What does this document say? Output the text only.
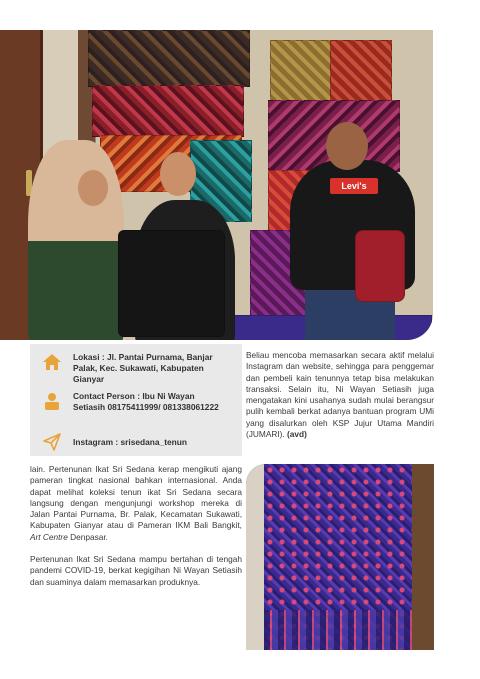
Levi's
Lokasi : Jl. Pantai Purnama, Banjar Palak, Kec. Sukawati, Kabupaten Gianyar
Contact Person : Ibu Ni Wayan Setiasih 08175411999/ 081338061222
Instagram : srisedana_tenun

Beliau mencoba memasarkan secara aktif melalui Instagram dan website, sehingga para penggemar dan pembeli kain tenunnya tetap bisa melakukan transaksi. Selain itu, Ni Wayan Setiasih juga mengatakan kini usahanya sudah mulai berangsur pulih kembali berkat adanya bantuan program UMi yang disalurkan oleh KSP Jujur Utama Mandiri (JUMARI). (avd)

lain. Pertenunan Ikat Sri Sedana kerap mengikuti ajang pameran tingkat nasional bahkan internasional. Anda dapat melihat koleksi tenun ikat Sri Sedana secara langsung dengan mengunjungi workshop mereka di Jalan Pantai Purnama, Br. Palak, Kecamatan Sukawati, Kabupaten Gianyar atau di Pameran IKM Bali Bangkit, Art Centre Denpasar.

Pertenunan Ikat Sri Sedana mampu bertahan di tengah pandemi COVID-19, berkat kegigihan Ni Wayan Setiasih dan suaminya dalam memasarkan produknya.
